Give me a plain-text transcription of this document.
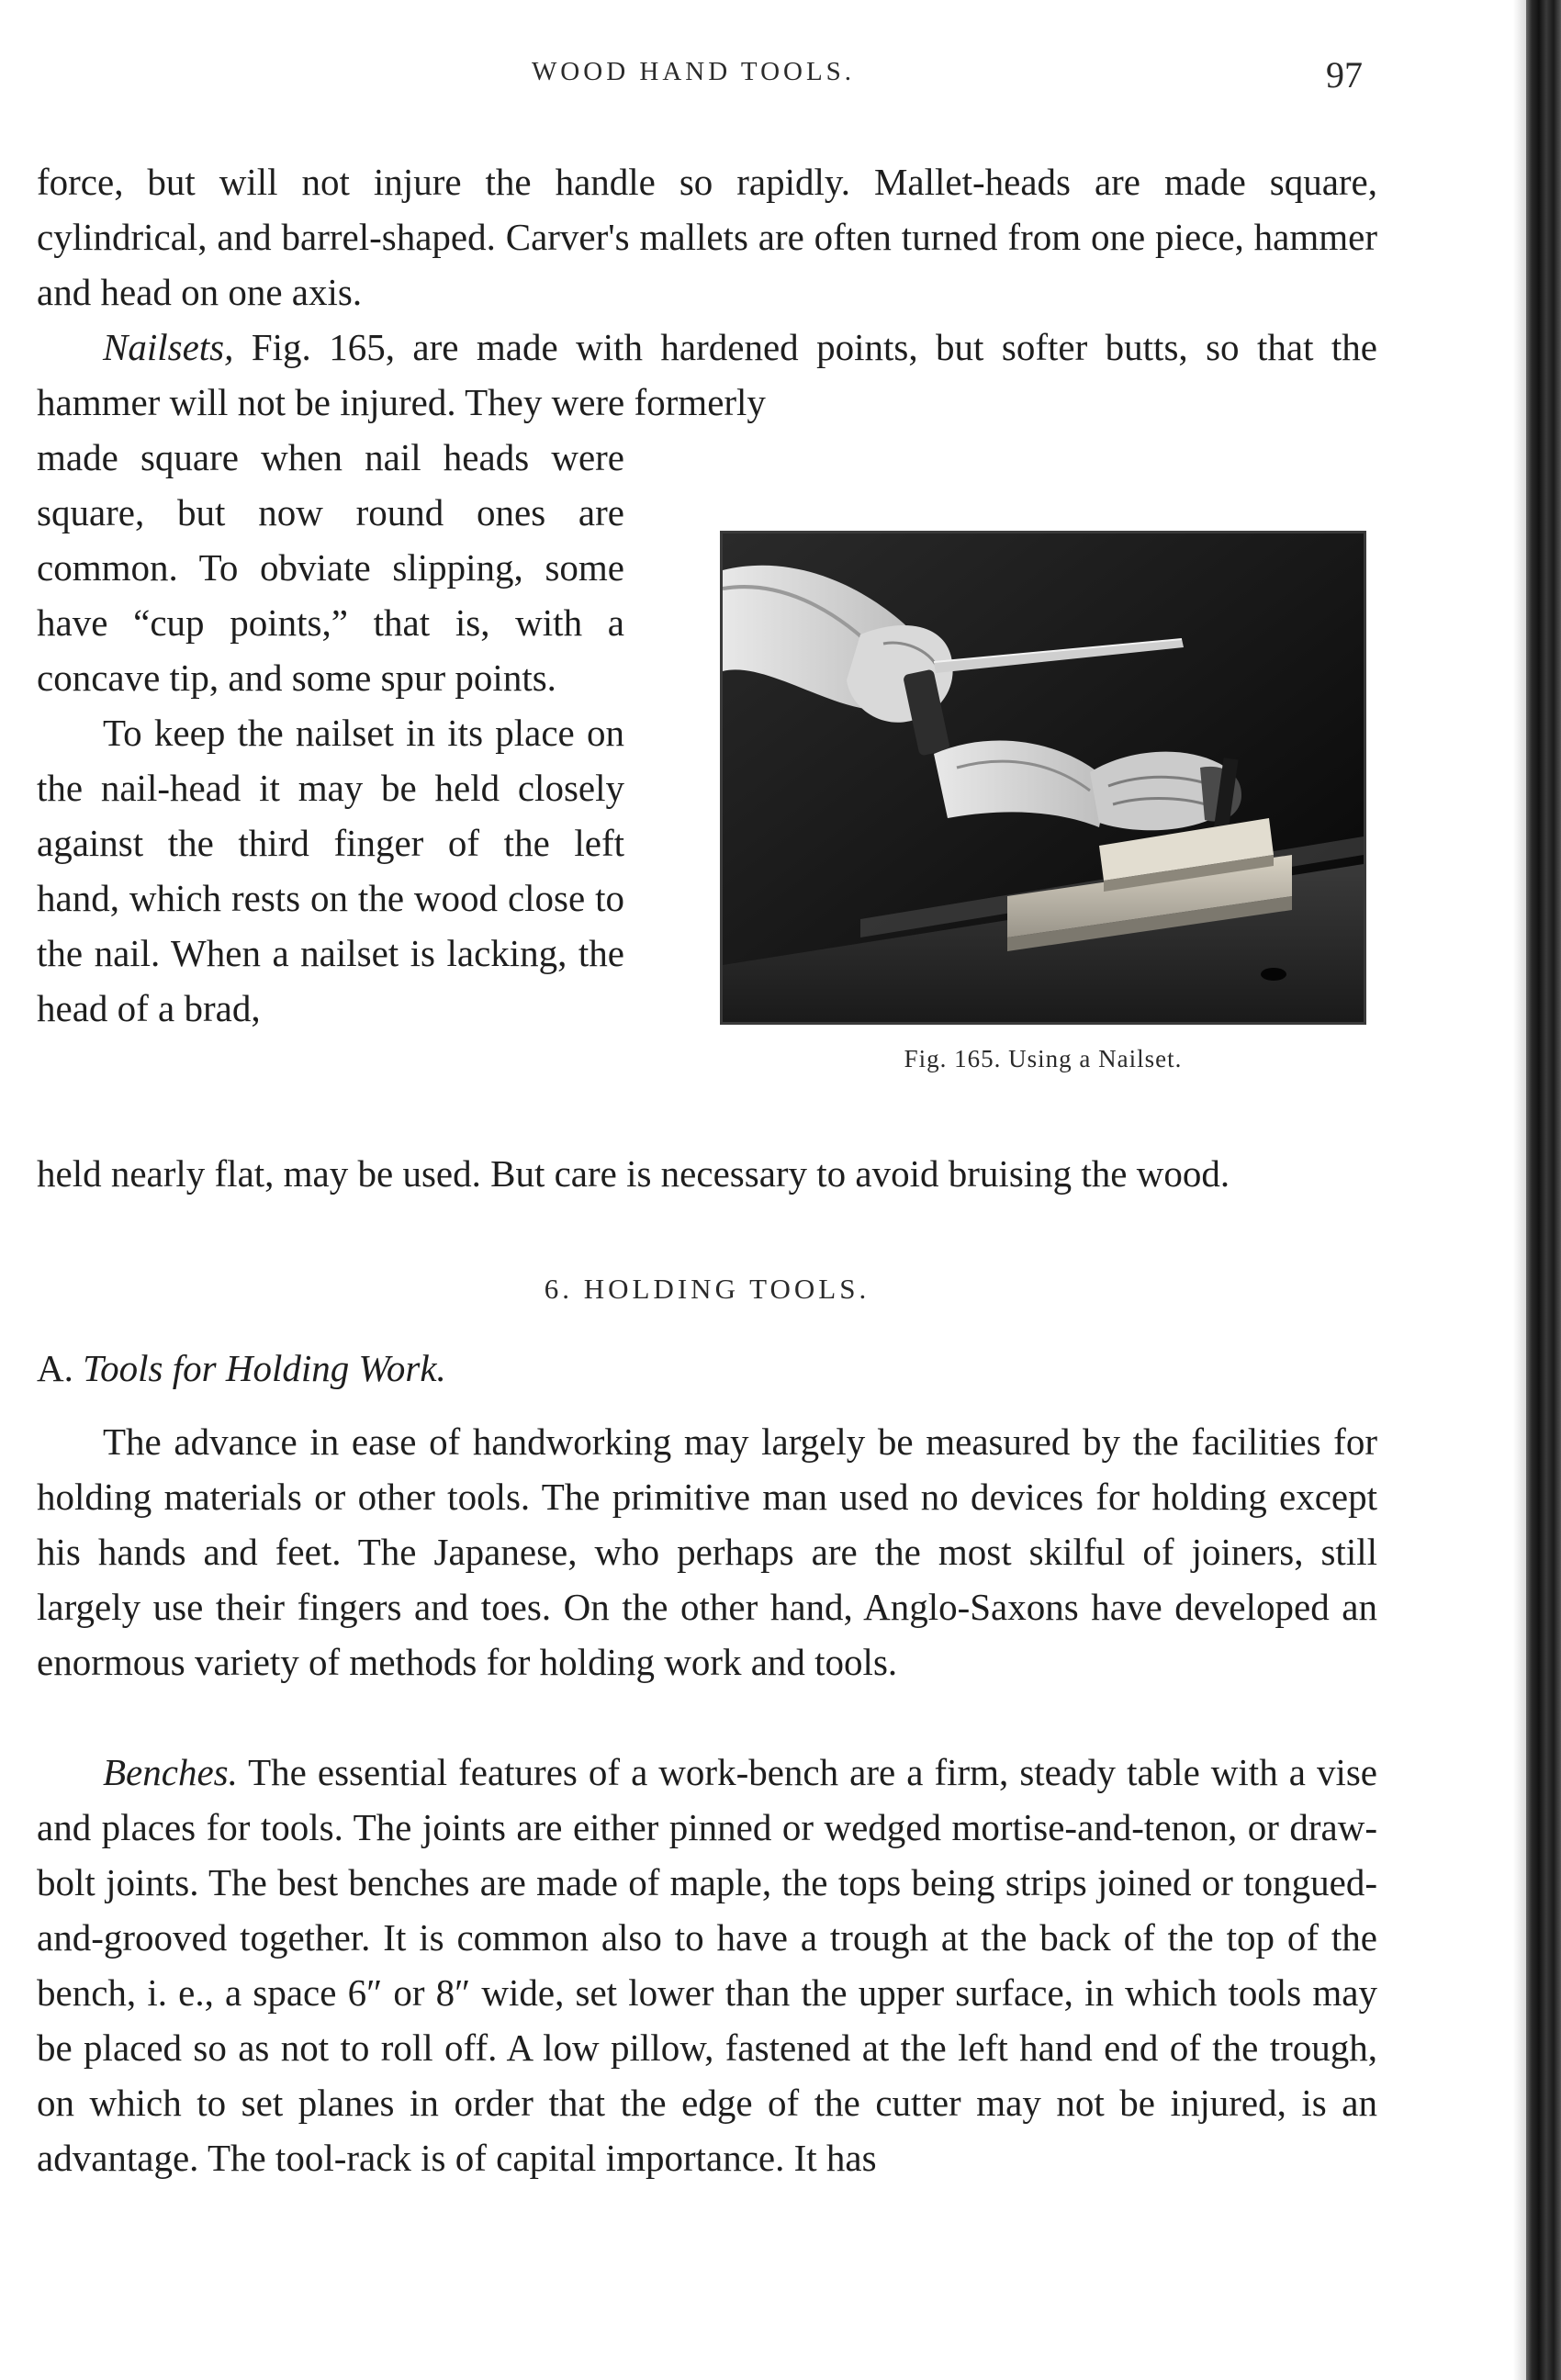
WOOD HAND TOOLS.	97

force, but will not injure the handle so rapidly. Mallet-heads are made square, cylindrical, and barrel-shaped. Carver's mallets are often turned from one piece, hammer and head on one axis.

Nailsets, Fig. 165, are made with hardened points, but softer butts, so that the hammer will not be injured. They were formerly

made square when nail heads were square, but now round ones are common. To obviate slipping, some have “cup points,” that is, with a concave tip, and some spur points.

To keep the nailset in its place on the nail-head it may be held closely against the third finger of the left hand, which rests on the wood close to the nail. When a nailset is lacking, the head of a brad,

Fig. 165. Using a Nailset.

held nearly flat, may be used. But care is necessary to avoid bruising the wood.

6. HOLDING TOOLS.
A. Tools for Holding Work.

The advance in ease of handworking may largely be measured by the facilities for holding materials or other tools. The primitive man used no devices for holding except his hands and feet. The Japanese, who perhaps are the most skilful of joiners, still largely use their fingers and toes. On the other hand, Anglo-Saxons have developed an enormous variety of methods for holding work and tools.

Benches. The essential features of a work-bench are a firm, steady table with a vise and places for tools. The joints are either pinned or wedged mortise-and-tenon, or draw-bolt joints. The best benches are made of maple, the tops being strips joined or tongued-and-grooved together. It is common also to have a trough at the back of the top of the bench, i. e., a space 6″ or 8″ wide, set lower than the upper surface, in which tools may be placed so as not to roll off. A low pillow, fastened at the left hand end of the trough, on which to set planes in order that the edge of the cutter may not be injured, is an advantage. The tool-rack is of capital importance. It has
